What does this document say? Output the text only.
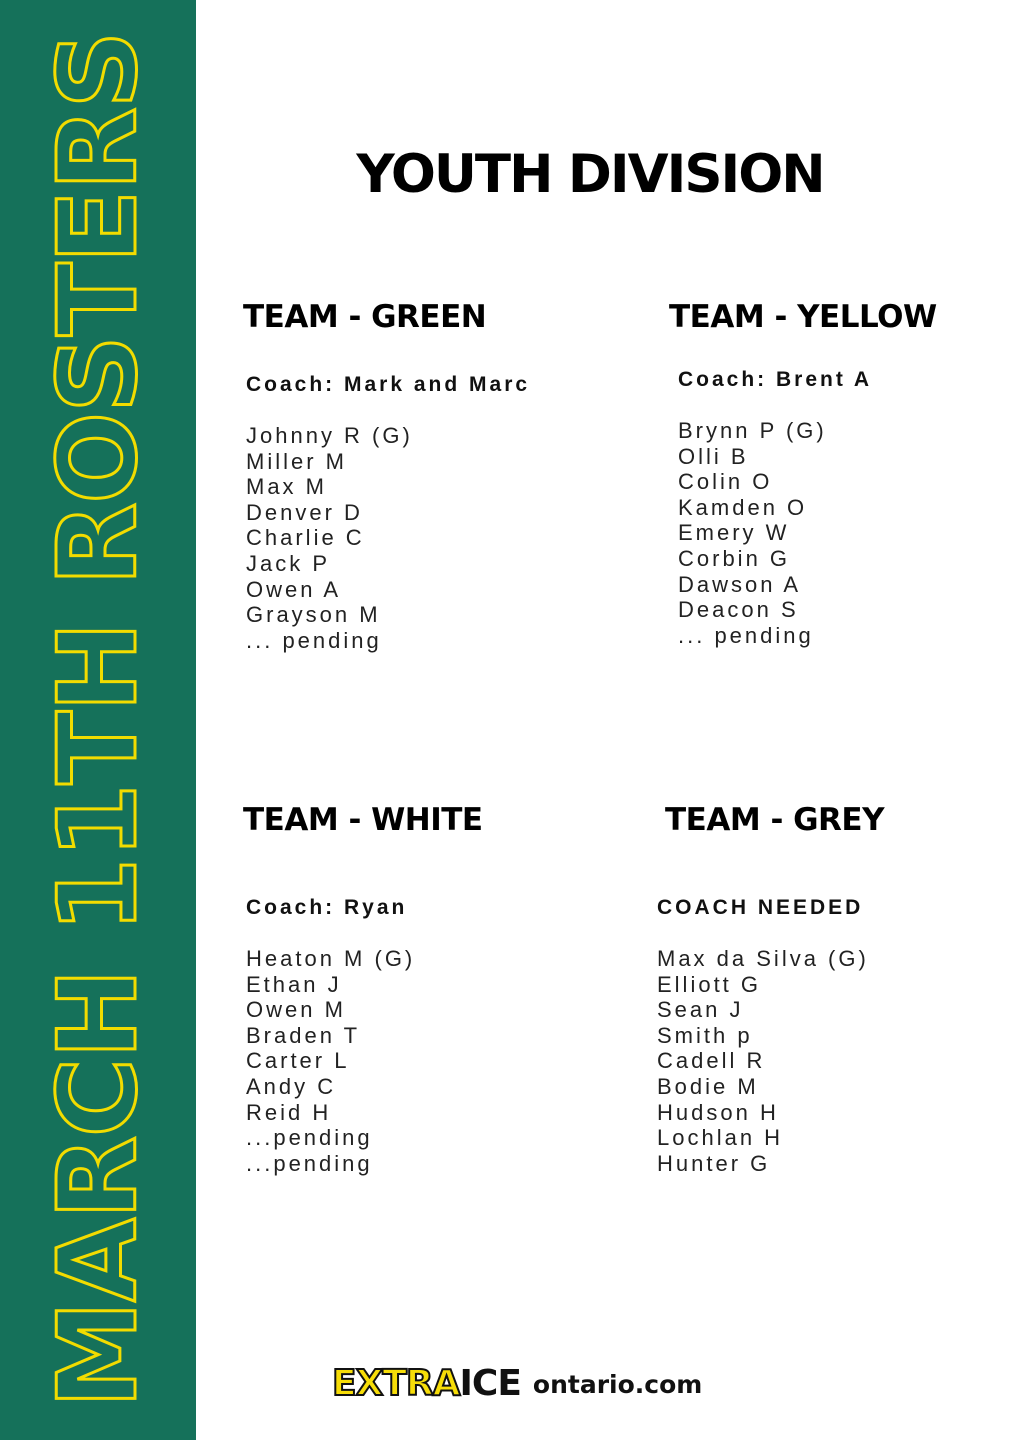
MARCH 11TH ROSTERS	YOUTH DIVISION
TEAM - GREEN
Coach: Mark and Marc
Johnny R (G)
Miller M
Max M
Denver D
Charlie C
Jack P
Owen A
Grayson M
... pending
TEAM - YELLOW
Coach: Brent A
Brynn P (G)
Olli B
Colin O
Kamden O
Emery W
Corbin G
Dawson A
Deacon S
... pending
TEAM - WHITE
Coach: Ryan
Heaton M (G)
Ethan J
Owen M
Braden T
Carter L
Andy C
Reid H
...pending
...pending
TEAM - GREY
COACH NEEDED
Max da Silva (G)
Elliott G
Sean J
Smith p
Cadell R
Bodie M
Hudson H
Lochlan H
Hunter G
EXTRA ICE ontario.com
